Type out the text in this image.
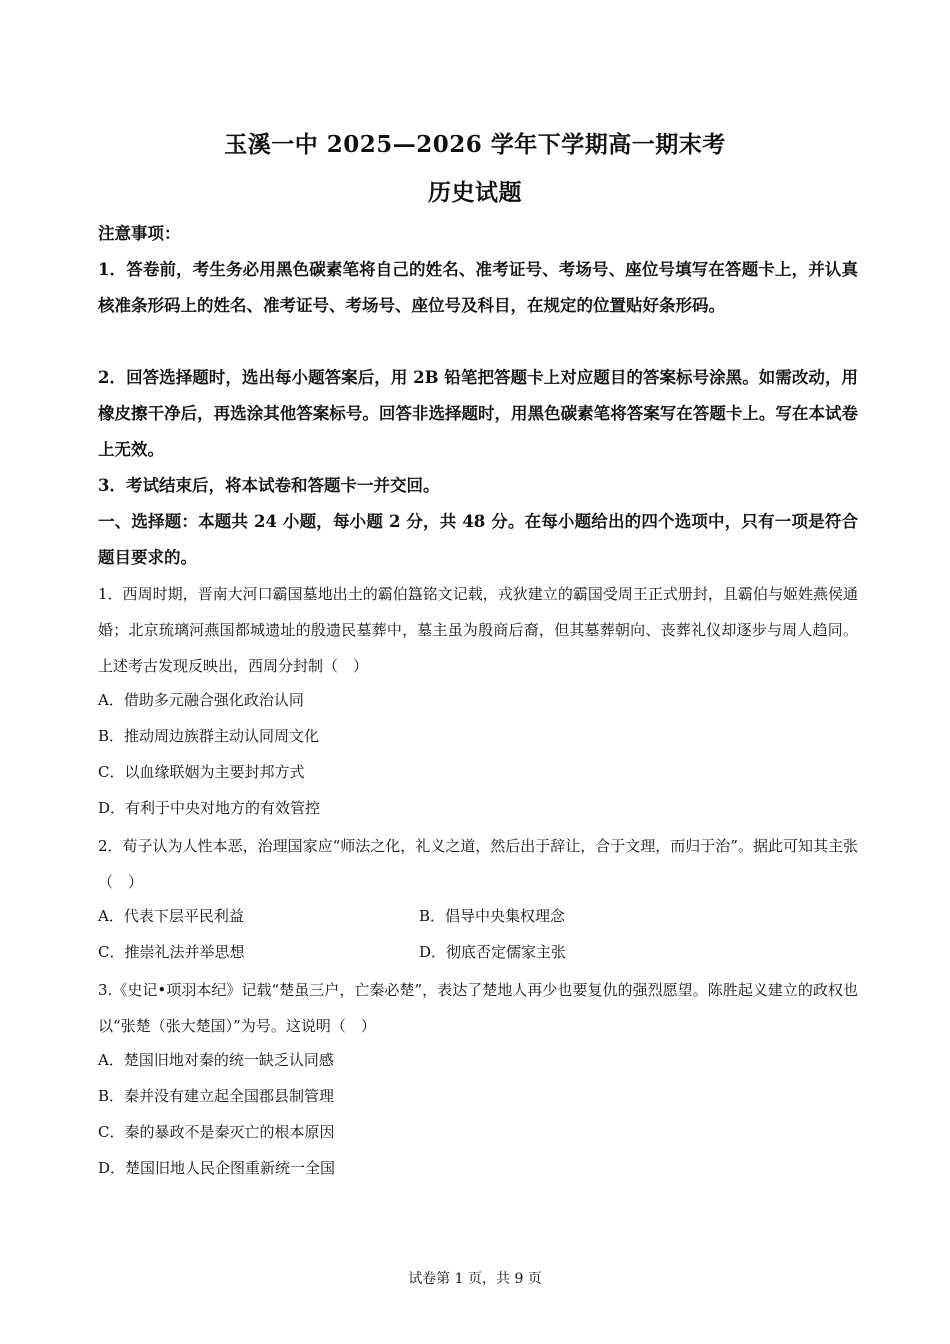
玉溪一中 2025—2026 学年下学期高一期末考
历史试题
注意事项：
1．答卷前，考生务必用黑色碳素笔将自己的姓名、准考证号、考场号、座位号填写在答题卡上，并认真核准条形码上的姓名、准考证号、考场号、座位号及科目，在规定的位置贴好条形码。
2．回答选择题时，选出每小题答案后，用 2B 铅笔把答题卡上对应题目的答案标号涂黑。如需改动，用橡皮擦干净后，再选涂其他答案标号。回答非选择题时，用黑色碳素笔将答案写在答题卡上。写在本试卷上无效。
3．考试结束后，将本试卷和答题卡一并交回。
一、选择题：本题共 24 小题，每小题 2 分，共 48 分。在每小题给出的四个选项中，只有一项是符合题目要求的。
1．西周时期，晋南大河口霸国墓地出土的霸伯簋铭文记载，戎狄建立的霸国受周王正式册封，且霸伯与姬姓燕侯通婚；北京琉璃河燕国都城遗址的殷遗民墓葬中，墓主虽为殷商后裔，但其墓葬朝向、丧葬礼仪却逐步与周人趋同。上述考古发现反映出，西周分封制（　）
A．借助多元融合强化政治认同
B．推动周边族群主动认同周文化
C．以血缘联姻为主要封邦方式
D．有利于中央对地方的有效管控
2．荀子认为人性本恶，治理国家应“师法之化，礼义之道，然后出于辞让，合于文理，而归于治”。据此可知其主张（　）
A．代表下层平民利益	B．倡导中央集权理念
C．推崇礼法并举思想	D．彻底否定儒家主张
3.《史记•项羽本纪》记载“楚虽三户，亡秦必楚”，表达了楚地人再少也要复仇的强烈愿望。陈胜起义建立的政权也以“张楚（张大楚国）”为号。这说明（　）
A．楚国旧地对秦的统一缺乏认同感
B．秦并没有建立起全国郡县制管理
C．秦的暴政不是秦灭亡的根本原因
D．楚国旧地人民企图重新统一全国
试卷第 1 页，共 9 页
